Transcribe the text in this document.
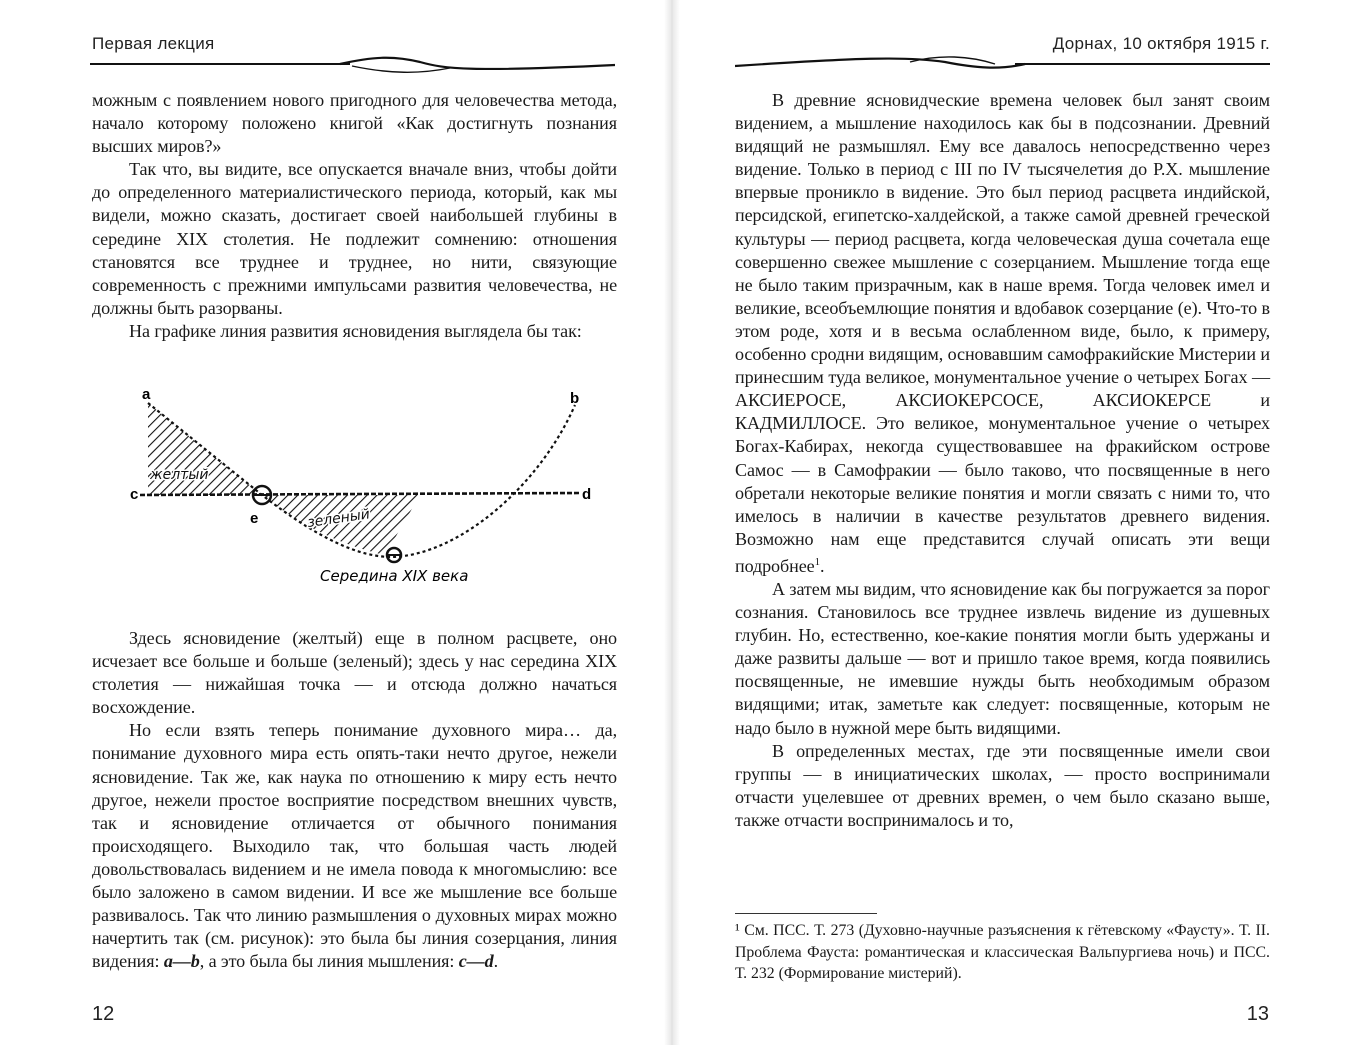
Первая лекция

можным с появлением нового пригодного для человечества метода, начало которому положено книгой «Как достигнуть познания высших миров?»

Так что, вы видите, все опускается вначале вниз, чтобы дойти до определенного материалистического периода, который, как мы видели, можно сказать, достигает своей наибольшей глубины в середине XIX столетия. Не подлежит сомнению: отношения становятся все труднее и труднее, но нити, связующие современность с прежними импульсами развития человечества, не должны быть разорваны.

На графике линия развития ясновидения выглядела бы так:

a	b
c	d
e
желтый
зеленый
Середина XIX века

Здесь ясновидение (желтый) еще в полном расцвете, оно исчезает все больше и больше (зеленый); здесь у нас середина XIX столетия — нижайшая точка — и отсюда должно начаться восхождение.

Но если взять теперь понимание духовного мира… да, понимание духовного мира есть опять-таки нечто другое, нежели ясновидение. Так же, как наука по отношению к миру есть нечто другое, нежели простое восприятие посредством внешних чувств, так и ясновидение отличается от обычного понимания происходящего. Выходило так, что большая часть людей довольствовалась видением и не имела повода к многомыслию: все было заложено в самом видении. И все же мышление все больше развивалось. Так что линию размышления о духовных мирах можно начертить так (см. рисунок): это была бы линия созерцания, линия видения: a—b, а это была бы линия мышления: c—d.

12
Дорнах, 10 октября 1915 г.

В древние ясновидческие времена человек был занят своим видением, а мышление находилось как бы в подсознании. Древний видящий не размышлял. Ему все давалось непосредственно через видение. Только в период с III по IV тысячелетия до Р.Х. мышление впервые проникло в видение. Это был период расцвета индийской, персидской, египетско-халдейской, а также самой древней греческой культуры — период расцвета, когда человеческая душа сочетала еще совершенно свежее мышление с созерцанием. Мышление тогда еще не было таким призрачным, как в наше время. Тогда человек имел и великие, всеобъемлющие понятия и вдобавок созерцание (е). Что-то в этом роде, хотя и в весьма ослабленном виде, было, к примеру, особенно сродни видящим, основавшим самофракийские Мистерии и принесшим туда великое, монументальное учение о четырех Богах — АКСИЕРОСЕ, АКСИОКЕРСОСЕ, АКСИОКЕРСЕ и КАДМИЛЛОСЕ. Это великое, монументальное учение о четырех Богах-Кабирах, некогда существовавшее на фракийском острове Самос — в Самофракии — было таково, что посвященные в него обретали некоторые великие понятия и могли связать с ними то, что имелось в наличии в качестве результатов древнего видения. Возможно нам еще представится случай описать эти вещи подробнее$^1$.

А затем мы видим, что ясновидение как бы погружается за порог сознания. Становилось все труднее извлечь видение из душевных глубин. Но, естественно, кое-какие понятия могли быть удержаны и даже развиты дальше — вот и пришло такое время, когда появились посвященные, не имевшие нужды быть необходимым образом видящими; итак, заметьте как следует: посвященные, которым не надо было в нужной мере быть видящими.

В определенных местах, где эти посвященные имели свои группы — в инициатических школах, — просто воспринимали отчасти уцелевшее от древних времен, о чем было сказано выше, также отчасти воспринималось и то,

¹ См. ПСС. Т. 273 (Духовно-научные разъяснения к гётевскому «Фаусту». Т. II. Проблема Фауста: романтическая и классическая Вальпургиева ночь) и ПСС. Т. 232 (Формирование мистерий).

13
